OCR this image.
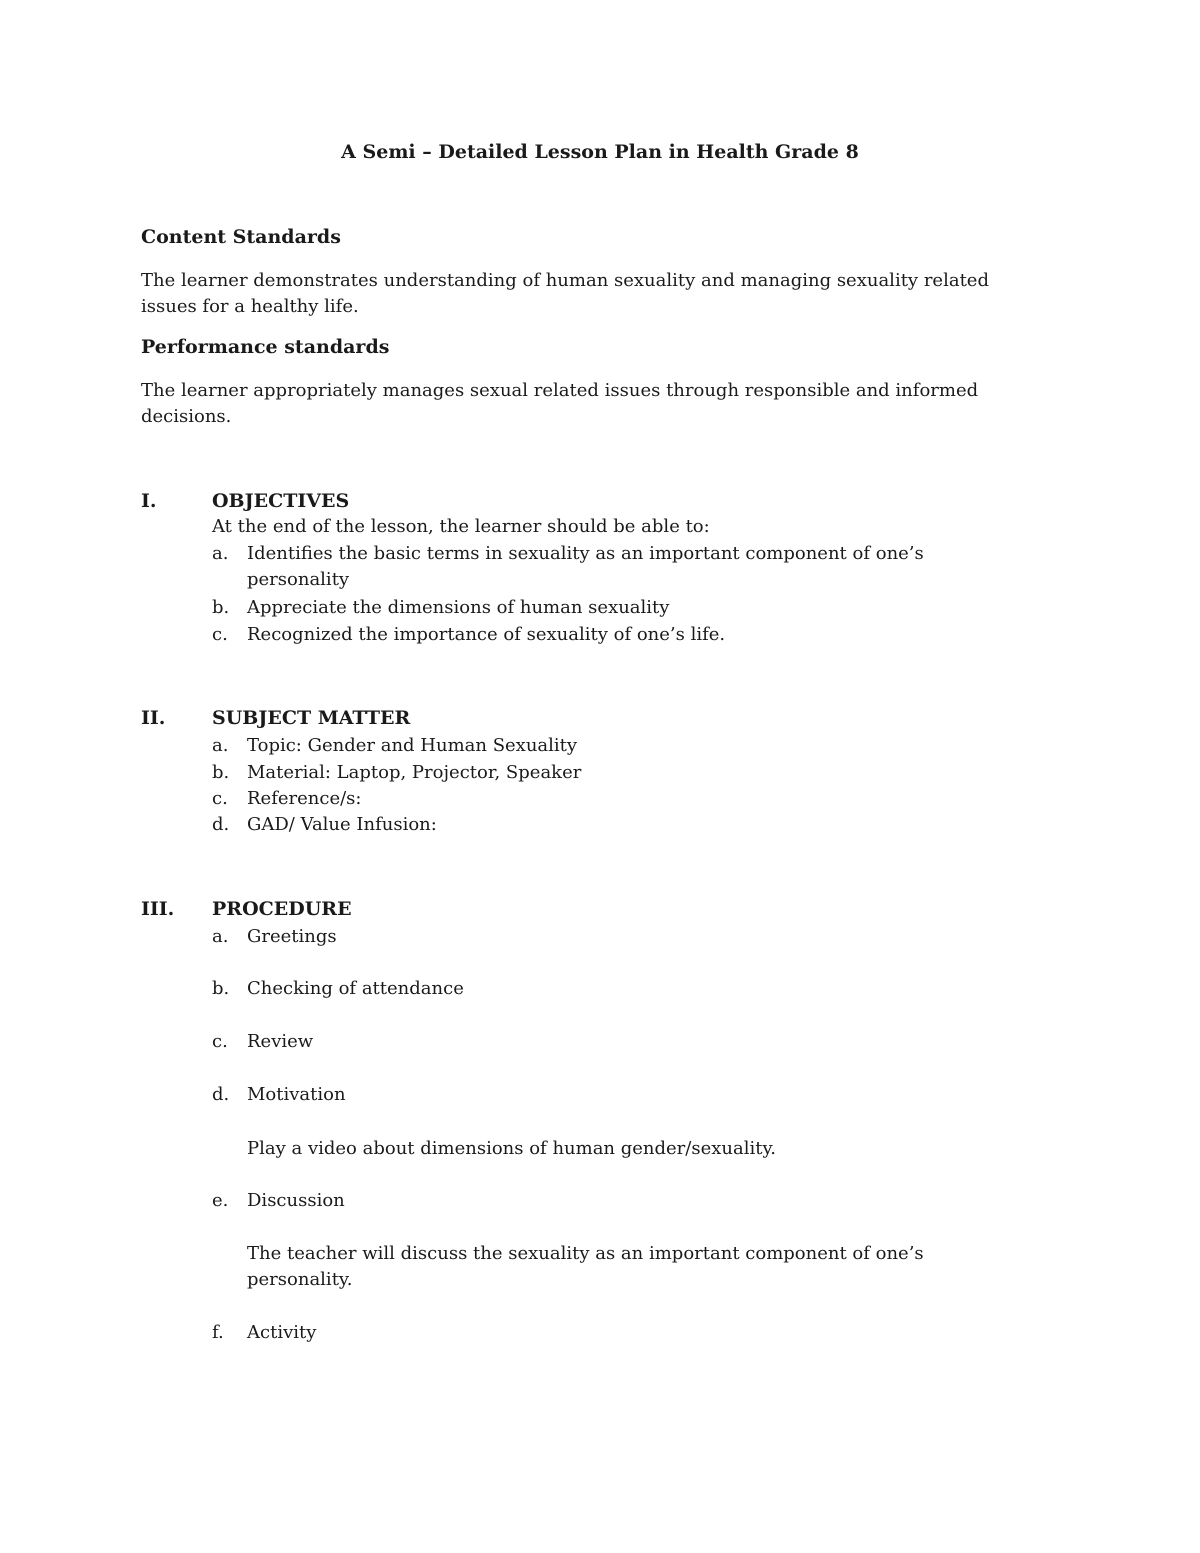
A Semi – Detailed Lesson Plan in Health Grade 8
Content Standards
The learner demonstrates understanding of human sexuality and managing sexuality related issues for a healthy life.
Performance standards
The learner appropriately manages sexual related issues through responsible and informed decisions.
I.	OBJECTIVES
At the end of the lesson, the learner should be able to:
a. Identifies the basic terms in sexuality as an important component of one’s personality
b. Appreciate the dimensions of human sexuality
c. Recognized the importance of sexuality of one’s life.
II. SUBJECT MATTER
a. Topic: Gender and Human Sexuality
b. Material: Laptop, Projector, Speaker
c. Reference/s:
d. GAD/ Value Infusion:
III. PROCEDURE
a. Greetings
b. Checking of attendance
c. Review
d. Motivation
Play a video about dimensions of human gender/sexuality.
e. Discussion
The teacher will discuss the sexuality as an important component of one’s personality.
f. Activity
